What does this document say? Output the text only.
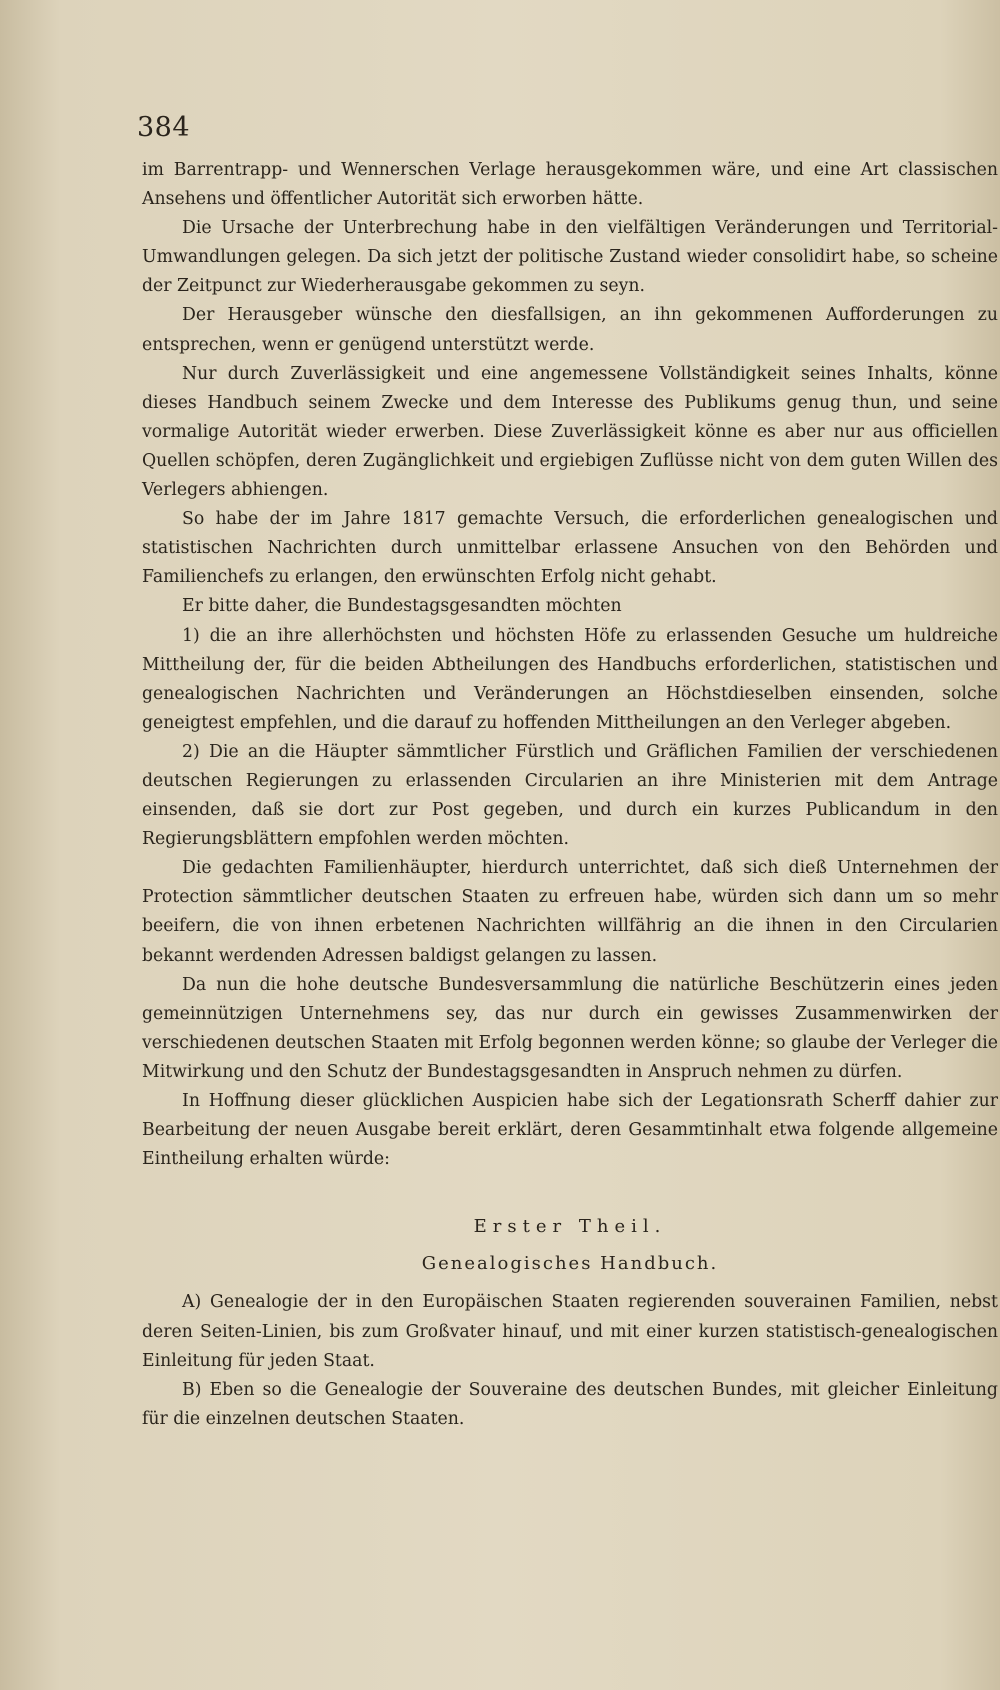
384

im Barrentrapp- und Wennerschen Verlage herausgekommen wäre, und eine Art classischen Ansehens und öffentlicher Autorität sich erworben hätte.

Die Ursache der Unterbrechung habe in den vielfältigen Veränderungen und Territorial-Umwandlungen gelegen. Da sich jetzt der politische Zustand wieder consolidirt habe, so scheine der Zeitpunct zur Wiederherausgabe gekommen zu seyn.

Der Herausgeber wünsche den diesfallsigen, an ihn gekommenen Aufforderungen zu entsprechen, wenn er genügend unterstützt werde.

Nur durch Zuverlässigkeit und eine angemessene Vollständigkeit seines Inhalts, könne dieses Handbuch seinem Zwecke und dem Interesse des Publikums genug thun, und seine vormalige Autorität wieder erwerben. Diese Zuverlässigkeit könne es aber nur aus officiellen Quellen schöpfen, deren Zugänglichkeit und ergiebigen Zuflüsse nicht von dem guten Willen des Verlegers abhiengen.

So habe der im Jahre 1817 gemachte Versuch, die erforderlichen genealogischen und statistischen Nachrichten durch unmittelbar erlassene Ansuchen von den Behörden und Familienchefs zu erlangen, den erwünschten Erfolg nicht gehabt.

Er bitte daher, die Bundestagsgesandten möchten

1) die an ihre allerhöchsten und höchsten Höfe zu erlassenden Gesuche um huldreiche Mittheilung der, für die beiden Abtheilungen des Handbuchs erforderlichen, statistischen und genealogischen Nachrichten und Veränderungen an Höchstdieselben einsenden, solche geneigtest empfehlen, und die darauf zu hoffenden Mittheilungen an den Verleger abgeben.

2) Die an die Häupter sämmtlicher Fürstlich und Gräflichen Familien der verschiedenen deutschen Regierungen zu erlassenden Circularien an ihre Ministerien mit dem Antrage einsenden, daß sie dort zur Post gegeben, und durch ein kurzes Publicandum in den Regierungsblättern empfohlen werden möchten.

Die gedachten Familienhäupter, hierdurch unterrichtet, daß sich dieß Unternehmen der Protection sämmtlicher deutschen Staaten zu erfreuen habe, würden sich dann um so mehr beeifern, die von ihnen erbetenen Nachrichten willfährig an die ihnen in den Circularien bekannt werdenden Adressen baldigst gelangen zu lassen.

Da nun die hohe deutsche Bundesversammlung die natürliche Beschützerin eines jeden gemeinnützigen Unternehmens sey, das nur durch ein gewisses Zusammenwirken der verschiedenen deutschen Staaten mit Erfolg begonnen werden könne; so glaube der Verleger die Mitwirkung und den Schutz der Bundestagsgesandten in Anspruch nehmen zu dürfen.

In Hoffnung dieser glücklichen Auspicien habe sich der Legationsrath Scherff dahier zur Bearbeitung der neuen Ausgabe bereit erklärt, deren Gesammtinhalt etwa folgende allgemeine Eintheilung erhalten würde:

Erster Theil.
Genealogisches Handbuch.

A) Genealogie der in den Europäischen Staaten regierenden souverainen Familien, nebst deren Seiten-Linien, bis zum Großvater hinauf, und mit einer kurzen statistisch-genealogischen Einleitung für jeden Staat.

B) Eben so die Genealogie der Souveraine des deutschen Bundes, mit gleicher Einleitung für die einzelnen deutschen Staaten.
